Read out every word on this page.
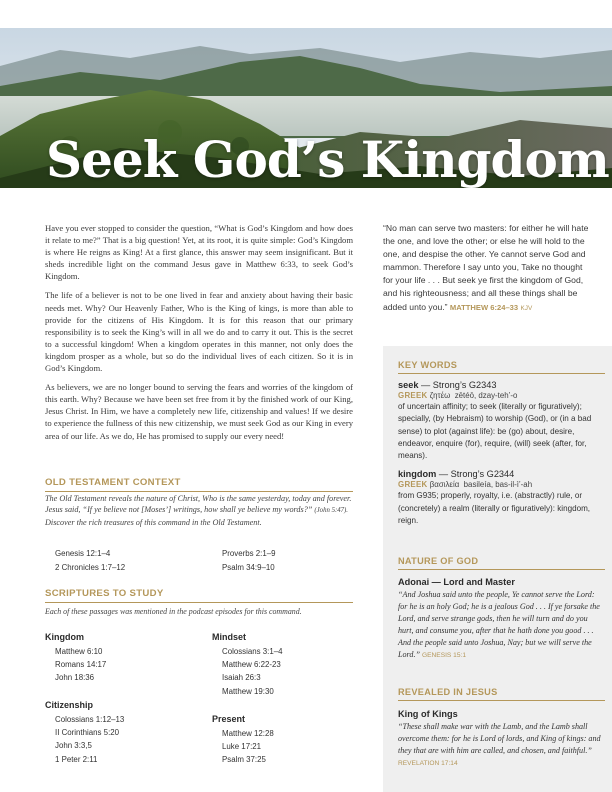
Seek God’s Kingdom

Have you ever stopped to consider the question, “What is God’s Kingdom and how does it relate to me?” That is a big question! Yet, at its root, it is quite simple: God’s Kingdom is where He reigns as King! At a first glance, this answer may seem insignificant. But it sheds incredible light on the command Jesus gave in Matthew 6:33, to seek God’s Kingdom.

The life of a believer is not to be one lived in fear and anxiety about having their basic needs met. Why? Our Heavenly Father, Who is the King of kings, is more than able to provide for the citizens of His Kingdom. It is for this reason that our primary responsibility is to seek the King’s will in all we do and to carry it out. This is the secret to a successful kingdom! When a kingdom operates in this manner, not only does the kingdom prosper as a whole, but so do the individual lives of each citizen. So it is in God’s Kingdom.

As believers, we are no longer bound to serving the fears and worries of the kingdom of this earth. Why? Because we have been set free from it by the finished work of our King, Jesus Christ. In Him, we have a completely new life, citizenship and values! If we desire to experience the fullness of this new citizenship, we must seek God as our King in every area of our life. As we do, He has promised to supply our every need!

OLD TESTAMENT CONTEXT

The Old Testament reveals the nature of Christ, Who is the same yesterday, today and forever. Jesus said, “If ye believe not [Moses’] writings, how shall ye believe my words?” (John 5:47). Discover the rich treasures of this command in the Old Testament.

Genesis 12:1–4
2 Chronicles 1:7–12
Proverbs 2:1–9
Psalm 34:9–10
SCRIPTURES TO STUDY

Each of these passages was mentioned in the podcast episodes for this command.

Kingdom

Matthew 6:10
Romans 14:17
John 18:36

Citizenship

Colossians 1:12–13
II Corinthians 5:20
John 3:3,5
1 Peter 2:11

Mindset

Colossians 3:1–4
Matthew 6:22-23
Isaiah 26:3
Matthew 19:30

Present

Matthew 12:28
Luke 17:21
Psalm 37:25

“No man can serve two masters: for either he will hate the one, and love the other; or else he will hold to the one, and despise the other. Ye cannot serve God and mammon. Therefore I say unto you, Take no thought for your life . . . But seek ye first the kingdom of God, and his righteousness; and all these things shall be added unto you.” MATTHEW 6:24–33 KJV

KEY WORDS

seek — Strong’s G2343

GREEK ζητέω zētéō, dzay-teh’-o

of uncertain affinity; to seek (literally or figuratively); specially, (by Hebraism) to worship (God), or (in a bad sense) to plot (against life): be (go) about, desire, endeavor, enquire (for), require, (will) seek (after, for, means).

kingdom — Strong’s G2344

GREEK βασιλεία basileía, bas-il-ì’-ah

from G935; properly, royalty, i.e. (abstractly) rule, or (concretely) a realm (literally or figuratively): kingdom, reign.

NATURE OF GOD

Adonai — Lord and Master

“And Joshua said unto the people, Ye cannot serve the Lord: for he is an holy God; he is a jealous God . . . If ye forsake the Lord, and serve strange gods, then he will turn and do you hurt, and consume you, after that he hath done you good . . . And the people said unto Joshua, Nay; but we will serve the Lord.” GENESIS 15:1

REVEALED IN JESUS

King of Kings

“These shall make war with the Lamb, and the Lamb shall overcome them: for he is Lord of lords, and King of kings: and they that are with him are called, and chosen, and faithful.” REVELATION 17:14
